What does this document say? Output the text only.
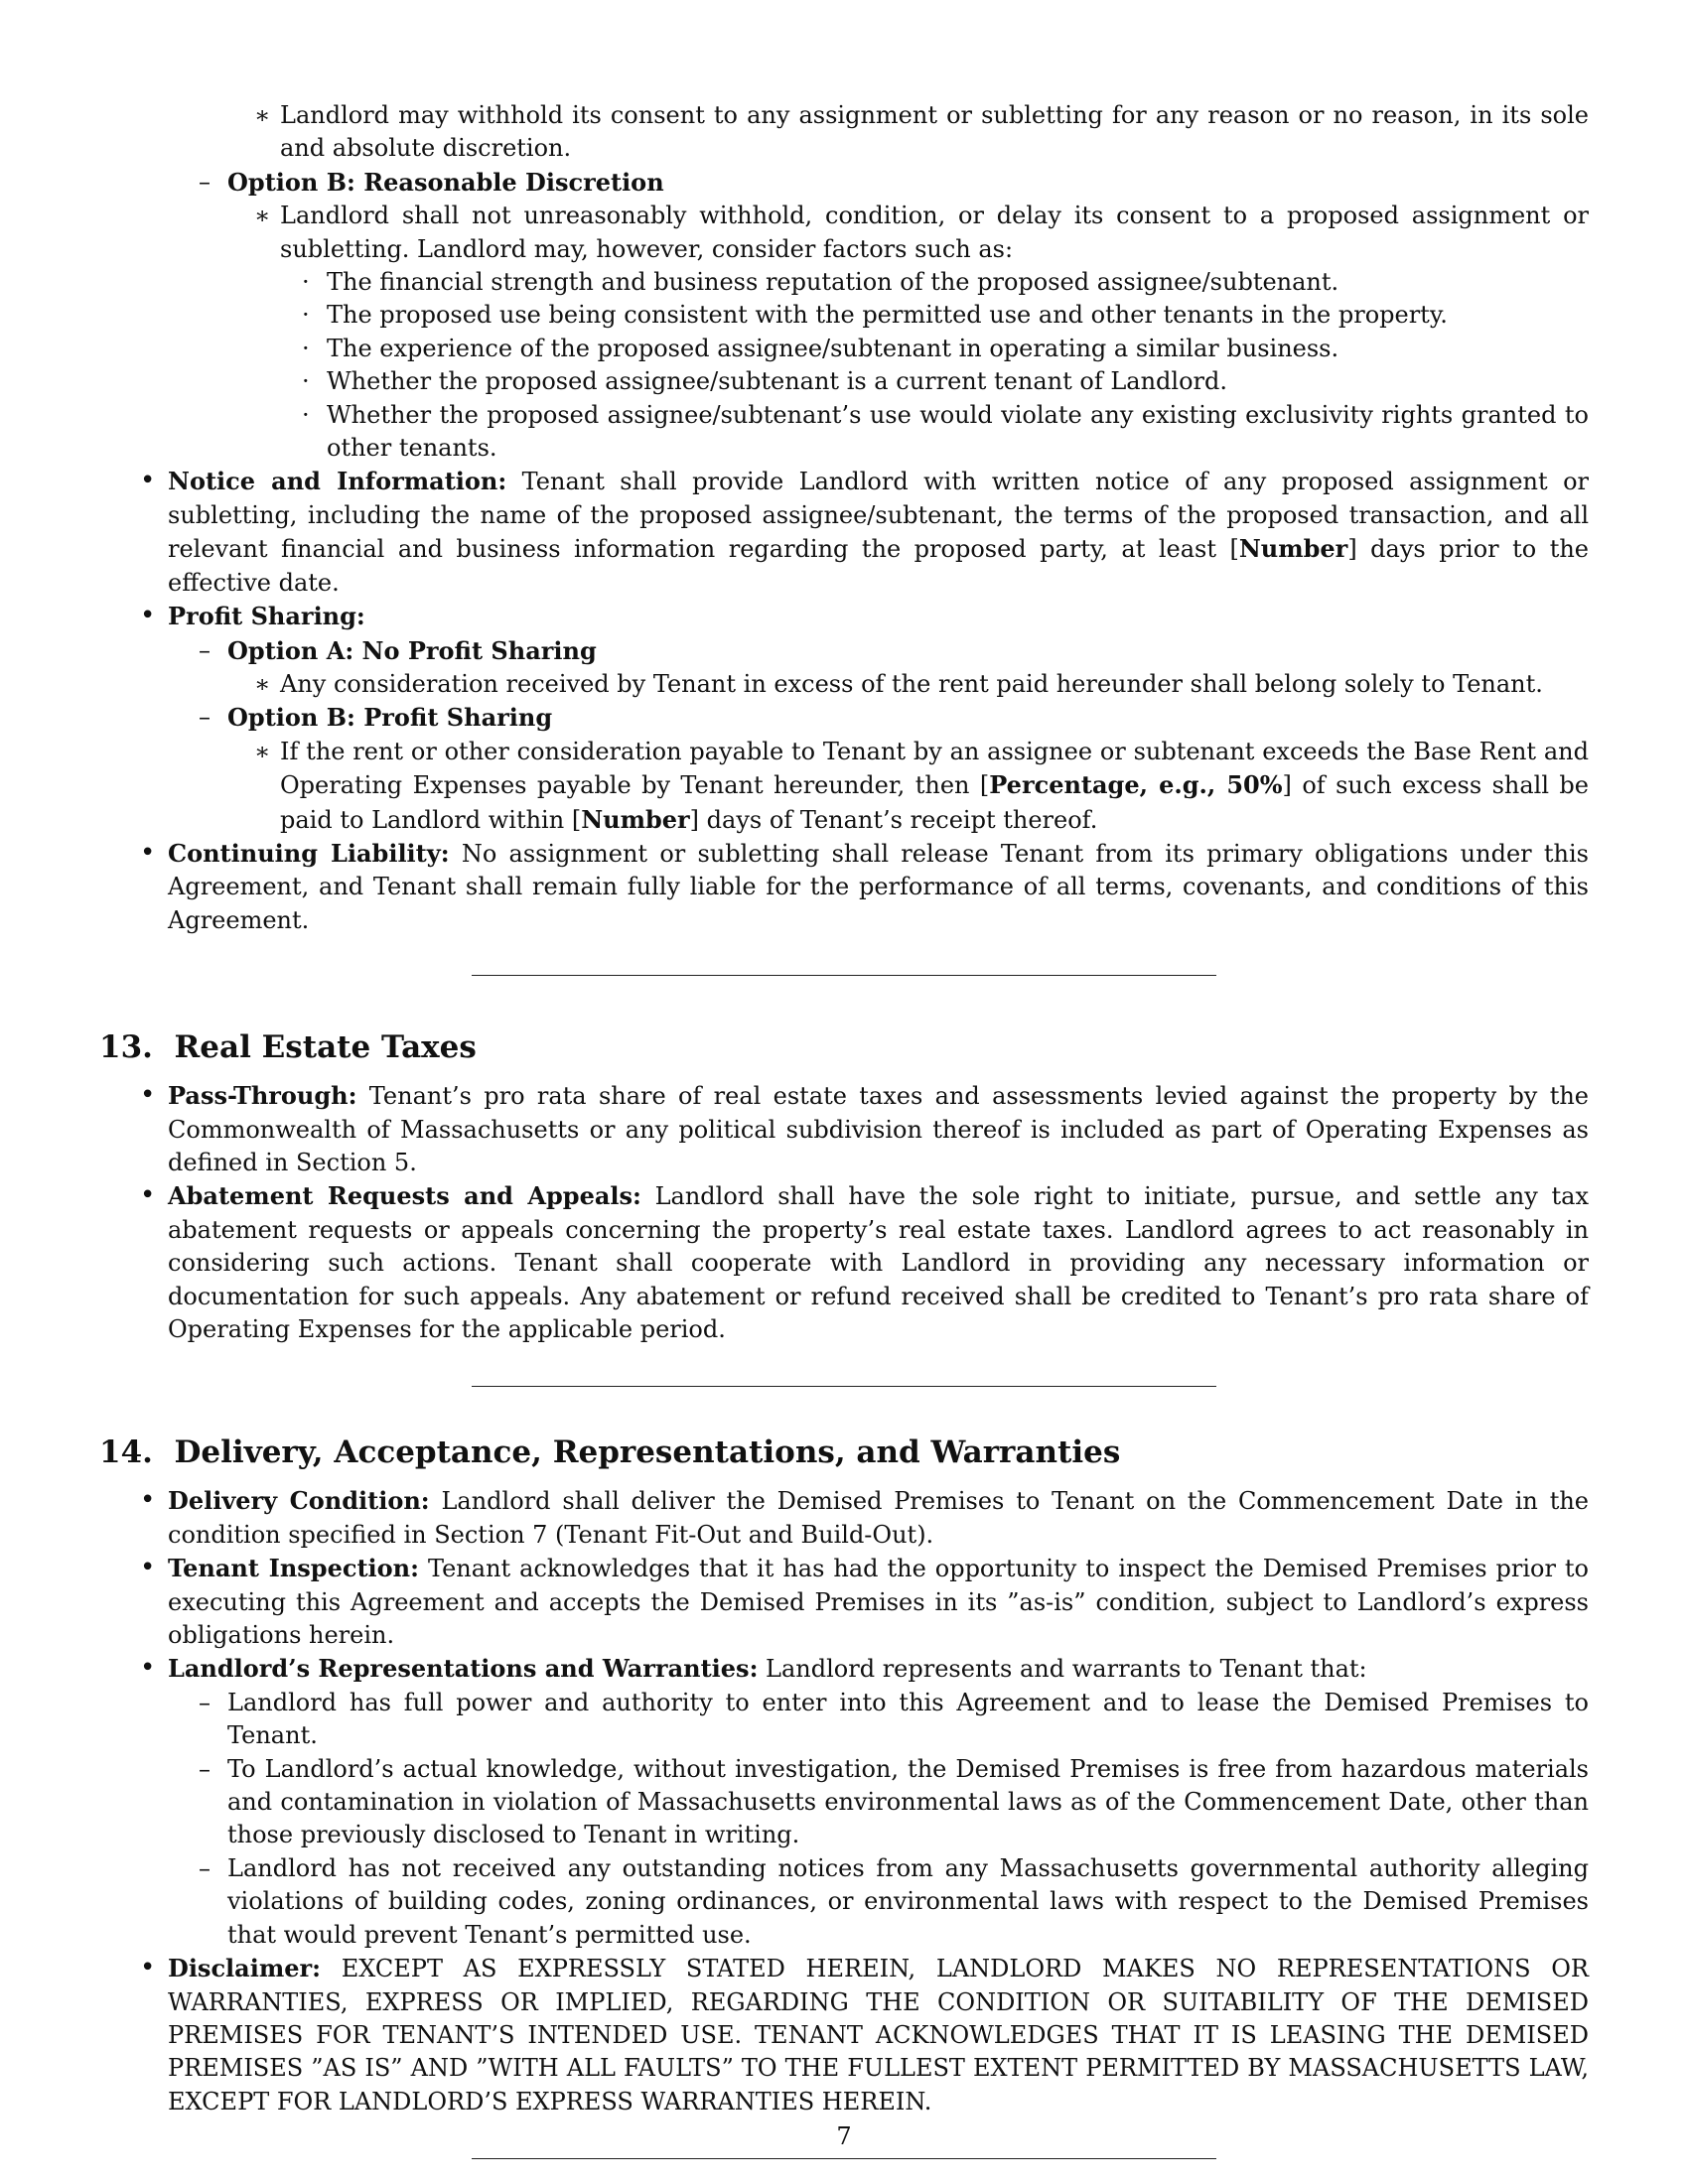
∗ Landlord may withhold its consent to any assignment or subletting for any reason or no reason, in its sole and absolute discretion.
– Option B: Reasonable Discretion
∗ Landlord shall not unreasonably withhold, condition, or delay its consent to a proposed assignment or subletting. Landlord may, however, consider factors such as:
· The financial strength and business reputation of the proposed assignee/subtenant.
· The proposed use being consistent with the permitted use and other tenants in the property.
· The experience of the proposed assignee/subtenant in operating a similar business.
· Whether the proposed assignee/subtenant is a current tenant of Landlord.
· Whether the proposed assignee/subtenant’s use would violate any existing exclusivity rights granted to other tenants.
• Notice and Information: Tenant shall provide Landlord with written notice of any proposed assignment or subletting, including the name of the proposed assignee/subtenant, the terms of the proposed transaction, and all relevant financial and business information regarding the proposed party, at least [Number] days prior to the effective date.
• Profit Sharing:
– Option A: No Profit Sharing
∗ Any consideration received by Tenant in excess of the rent paid hereunder shall belong solely to Tenant.
– Option B: Profit Sharing
∗ If the rent or other consideration payable to Tenant by an assignee or subtenant exceeds the Base Rent and Operating Expenses payable by Tenant hereunder, then [Percentage, e.g., 50%] of such excess shall be paid to Landlord within [Number] days of Tenant’s receipt thereof.
• Continuing Liability: No assignment or subletting shall release Tenant from its primary obligations under this Agreement, and Tenant shall remain fully liable for the performance of all terms, covenants, and conditions of this Agreement.
13. Real Estate Taxes
• Pass-Through: Tenant’s pro rata share of real estate taxes and assessments levied against the property by the Commonwealth of Massachusetts or any political subdivision thereof is included as part of Operating Expenses as defined in Section 5.
• Abatement Requests and Appeals: Landlord shall have the sole right to initiate, pursue, and settle any tax abatement requests or appeals concerning the property’s real estate taxes. Landlord agrees to act reasonably in considering such actions. Tenant shall cooperate with Landlord in providing any necessary information or documentation for such appeals. Any abatement or refund received shall be credited to Tenant’s pro rata share of Operating Expenses for the applicable period.
14. Delivery, Acceptance, Representations, and Warranties
• Delivery Condition: Landlord shall deliver the Demised Premises to Tenant on the Commencement Date in the condition specified in Section 7 (Tenant Fit-Out and Build-Out).
• Tenant Inspection: Tenant acknowledges that it has had the opportunity to inspect the Demised Premises prior to executing this Agreement and accepts the Demised Premises in its ”as-is” condition, subject to Landlord’s express obligations herein.
• Landlord’s Representations and Warranties: Landlord represents and warrants to Tenant that:
– Landlord has full power and authority to enter into this Agreement and to lease the Demised Premises to Tenant.
– To Landlord’s actual knowledge, without investigation, the Demised Premises is free from hazardous materials and contamination in violation of Massachusetts environmental laws as of the Commencement Date, other than those previously disclosed to Tenant in writing.
– Landlord has not received any outstanding notices from any Massachusetts governmental authority alleging violations of building codes, zoning ordinances, or environmental laws with respect to the Demised Premises that would prevent Tenant’s permitted use.
• Disclaimer: EXCEPT AS EXPRESSLY STATED HEREIN, LANDLORD MAKES NO REPRESENTATIONS OR WARRANTIES, EXPRESS OR IMPLIED, REGARDING THE CONDITION OR SUITABILITY OF THE DEMISED PREMISES FOR TENANT’S INTENDED USE. TENANT ACKNOWLEDGES THAT IT IS LEASING THE DEMISED PREMISES ”AS IS” AND ”WITH ALL FAULTS” TO THE FULLEST EXTENT PERMITTED BY MASSACHUSETTS LAW, EXCEPT FOR LANDLORD’S EXPRESS WARRANTIES HEREIN.
7
